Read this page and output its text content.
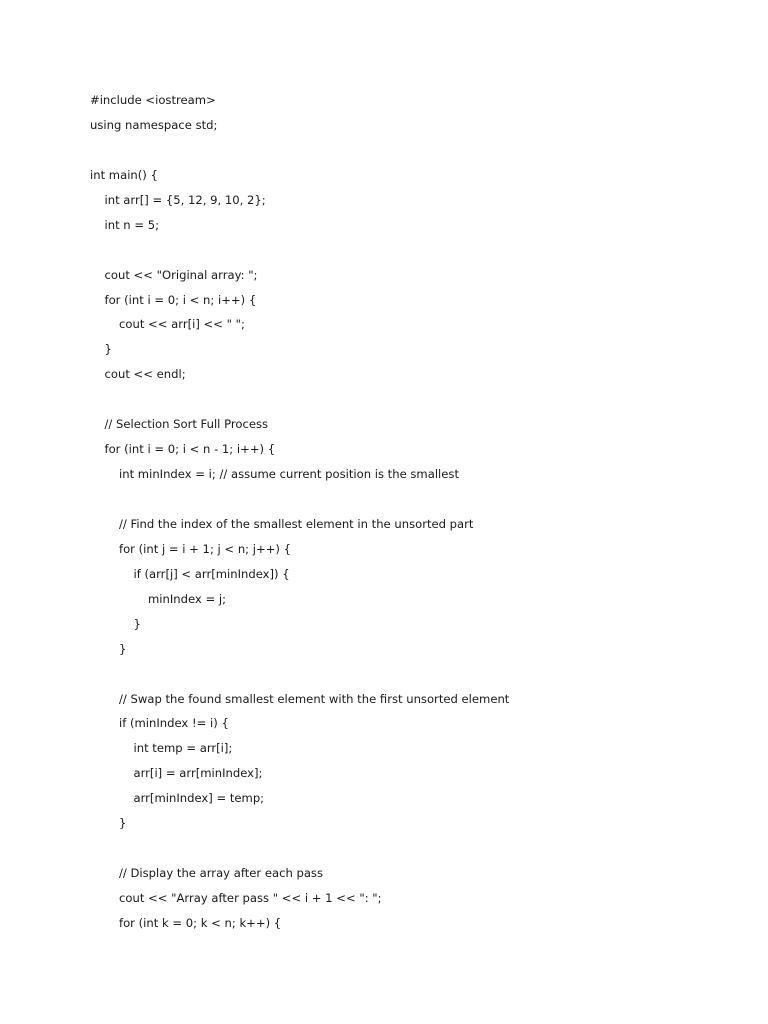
#include <iostream>
using namespace std;
int main() {
int arr[] = {5, 12, 9, 10, 2};
int n = 5;
cout << "Original array: ";
for (int i = 0; i < n; i++) {
cout << arr[i] << " ";
}
cout << endl;
// Selection Sort Full Process
for (int i = 0; i < n - 1; i++) {
int minIndex = i; // assume current position is the smallest
// Find the index of the smallest element in the unsorted part
for (int j = i + 1; j < n; j++) {
if (arr[j] < arr[minIndex]) {
minIndex = j;
}
}
// Swap the found smallest element with the first unsorted element
if (minIndex != i) {
int temp = arr[i];
arr[i] = arr[minIndex];
arr[minIndex] = temp;
}
// Display the array after each pass
cout << "Array after pass " << i + 1 << ": ";
for (int k = 0; k < n; k++) {
